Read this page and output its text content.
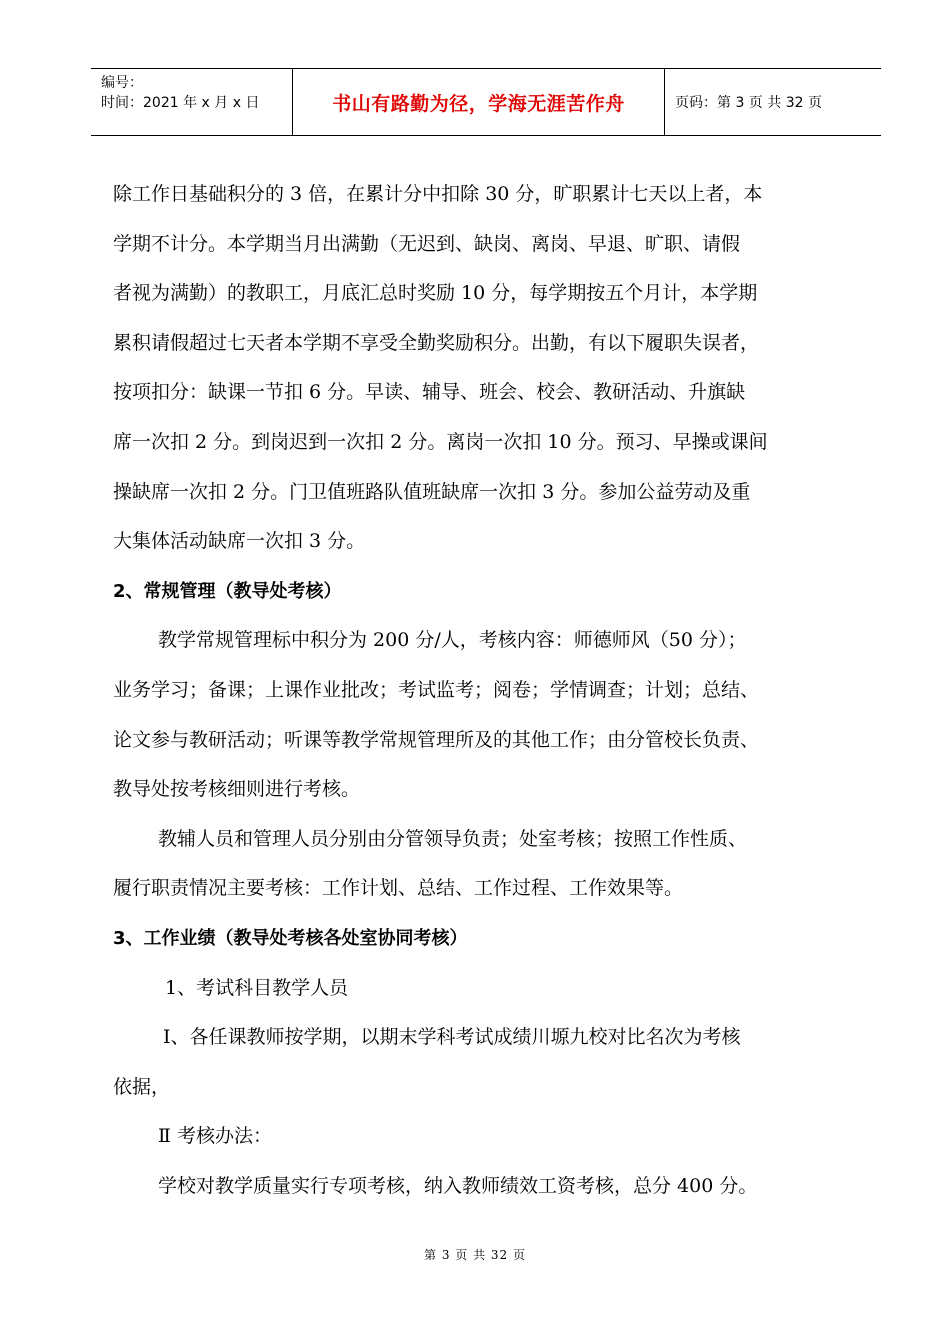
编号：
时间：2021 年 x 月 x 日	书山有路勤为径，学海无涯苦作舟	页码：第 3 页 共 32 页

除工作日基础积分的 3 倍，在累计分中扣除 30 分，旷职累计七天以上者，本

学期不计分。本学期当月出满勤（无迟到、缺岗、离岗、早退、旷职、请假

者视为满勤）的教职工，月底汇总时奖励 10 分，每学期按五个月计，本学期

累积请假超过七天者本学期不享受全勤奖励积分。出勤，有以下履职失误者，

按项扣分：缺课一节扣 6 分。早读、辅导、班会、校会、教研活动、升旗缺

席一次扣 2 分。到岗迟到一次扣 2 分。离岗一次扣 10 分。预习、早操或课间

操缺席一次扣 2 分。门卫值班路队值班缺席一次扣 3 分。参加公益劳动及重

大集体活动缺席一次扣 3 分。

2、常规管理（教导处考核）

教学常规管理标中积分为 200 分/人，考核内容：师德师风（50 分）；

业务学习；备课；上课作业批改；考试监考；阅卷；学情调查；计划；总结、

论文参与教研活动；听课等教学常规管理所及的其他工作；由分管校长负责、

教导处按考核细则进行考核。

教辅人员和管理人员分别由分管领导负责；处室考核；按照工作性质、

履行职责情况主要考核：工作计划、总结、工作过程、工作效果等。

3、工作业绩（教导处考核各处室协同考核）

1、考试科目教学人员

Ⅰ、各任课教师按学期，以期末学科考试成绩川塬九校对比名次为考核

依据，

Ⅱ 考核办法：

学校对教学质量实行专项考核，纳入教师绩效工资考核，总分 400 分。

第 3 页 共 32 页
